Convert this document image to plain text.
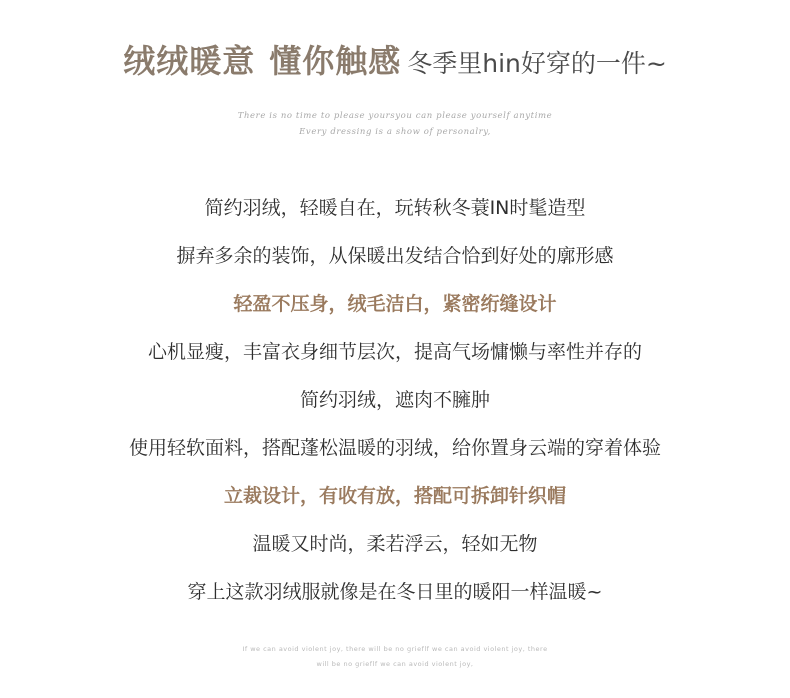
绒绒暖意 懂你触感 冬季里hin好穿的一件~
There is no time to please yoursyou can please yourself anytime
Every dressing is a show of personalry,
简约羽绒，轻暖自在，玩转秋冬蓑IN时髦造型
摒弃多余的装饰，从保暖出发结合恰到好处的廓形感
轻盈不压身，绒毛洁白，紧密绗缝设计
心机显瘦，丰富衣身细节层次，提高气场慵懒与率性并存的
简约羽绒，遮肉不臃肿
使用轻软面料，搭配蓬松温暖的羽绒，给你置身云端的穿着体验
立裁设计，有收有放，搭配可拆卸针织帽
温暖又时尚，柔若浮云，轻如无物
穿上这款羽绒服就像是在冬日里的暖阳一样温暖~
If we can avoid violent joy, there will be no grieflf we can avoid violent joy, there
will be no grieflf we can avoid violent joy,
